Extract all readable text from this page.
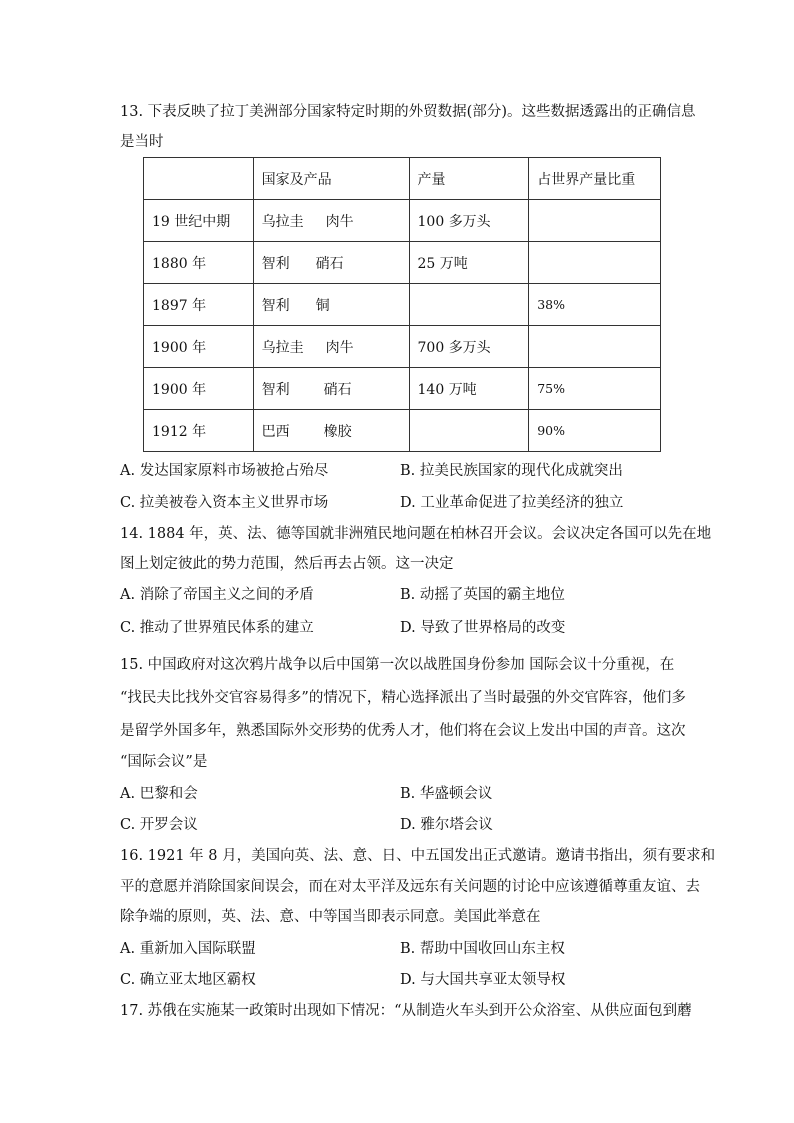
13. 下表反映了拉丁美洲部分国家特定时期的外贸数据(部分)。这些数据透露出的正确信息
是当时
	国家及产品	产量	占世界产量比重
19 世纪中期	乌拉圭 肉牛	100 多万头	
1880 年	智利 硝石	25 万吨	
1897 年	智利 铜		38%
1900 年	乌拉圭 肉牛	700 多万头	
1900 年	智利 硝石	140 万吨	75%
1912 年	巴西 橡胶		90%
A. 发达国家原料市场被抢占殆尽	B. 拉美民族国家的现代化成就突出
C. 拉美被卷入资本主义世界市场	D. 工业革命促进了拉美经济的独立
14. 1884 年，英、法、德等国就非洲殖民地问题在柏林召开会议。会议决定各国可以先在地
图上划定彼此的势力范围，然后再去占领。这一决定
A. 消除了帝国主义之间的矛盾	B. 动摇了英国的霸主地位
C. 推动了世界殖民体系的建立	D. 导致了世界格局的改变
15. 中国政府对这次鸦片战争以后中国第一次以战胜国身份参加 国际会议十分重视，在
“找民夫比找外交官容易得多”的情况下，精心选择派出了当时最强的外交官阵容，他们多
是留学外国多年，熟悉国际外交形势的优秀人才，他们将在会议上发出中国的声音。这次
“国际会议”是
A. 巴黎和会	B. 华盛顿会议
C. 开罗会议	D. 雅尔塔会议
16. 1921 年 8 月，美国向英、法、意、日、中五国发出正式邀请。邀请书指出，须有要求和
平的意愿并消除国家间误会，而在对太平洋及远东有关问题的讨论中应该遵循尊重友谊、去
除争端的原则，英、法、意、中等国当即表示同意。美国此举意在
A. 重新加入国际联盟	B. 帮助中国收回山东主权
C. 确立亚太地区霸权	D. 与大国共享亚太领导权
17. 苏俄在实施某一政策时出现如下情况：“从制造火车头到开公众浴室、从供应面包到蘑
